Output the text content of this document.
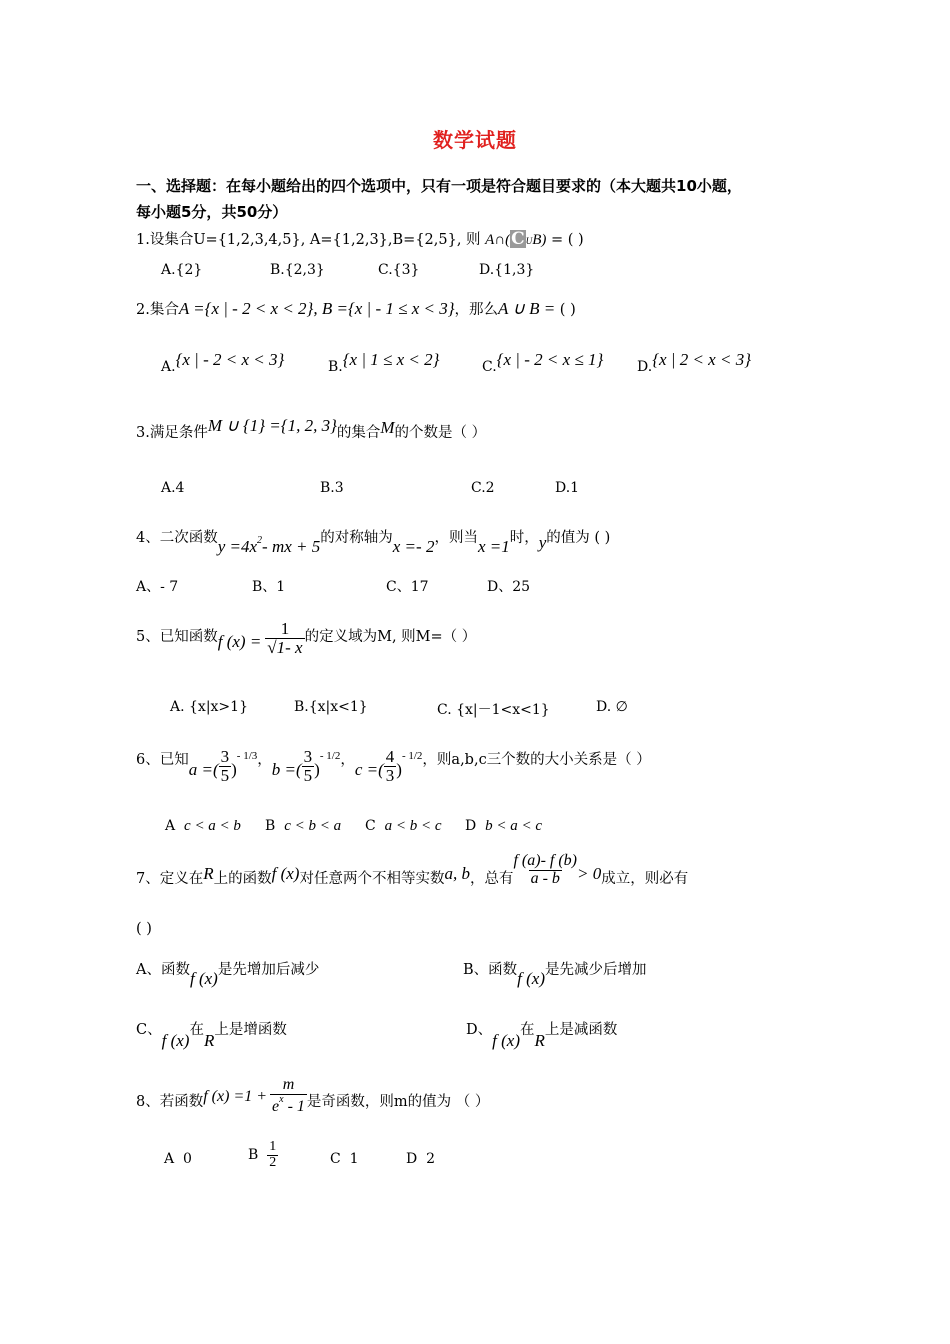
数学试题
一、选择题：在每小题给出的四个选项中，只有一项是符合题目要求的（本大题共10小题，
每小题5分，共50分）
1.设集合U={1,2,3,4,5}, A={1,2,3},B={2,5}, 则 A∩(CUB) = ( )
A.{2}	B.{2,3}	C.{3}	D.{1,3}
2.集合A ={x | - 2 < x < 2}, B ={x | - 1 ≤ x < 3}，那么A ∪ B = ( )
A.{x | - 2 < x < 3}	B.{x | 1 ≤ x < 2}	C.{x | - 2 < x ≤ 1} D.{x | 2 < x < 3}
3.满足条件M ∪ {1} ={1, 2, 3}的集合M的个数是（ ）
A.4	B.3	C.2	D.1
4、二次函数$y =4x^2-$ mx + 5的对称轴为x =- 2，则当x =1时，y的值为 ( )
A、- 7	B、1	C、17	D、25
5、已知函数 f $(x) = \frac{1}{√1- x}$ 的定义域为M, 则M=（ ）
A. {x|x>1}	B.{x|x<1}	C. {x|－1<x<1}	D. ∅
6、已知 a =( $\frac{3}{5}$ )
- 1/3 ， b =( $\frac{3}{5}$ )
- 1/2 ， c =( $\frac{4}{3}$ )
- 1/2 ，则a,b,c三个数的大小关系是（ ）
A c < a < b B c < b < a C a < b < c D b < a < c
7、定义在 R 上的函数 f (x) 对任意两个不相等实数 a, b ，总有 $\frac{f (a)- f (b)}{a - b} > 0$ 成立，则必有
( )
A、函数f (x)是先增加后减少	B、函数f (x)是先减少后增加
C、f (x)在R上是增函数	D、f (x)在R上是减函数
8、若函数 f $(x) =1 + \frac{m}{e^x - 1}$ 是奇函数，则m的值为 （ ）
A 0	B
$\frac{1}{2}$	C 1	D 2
